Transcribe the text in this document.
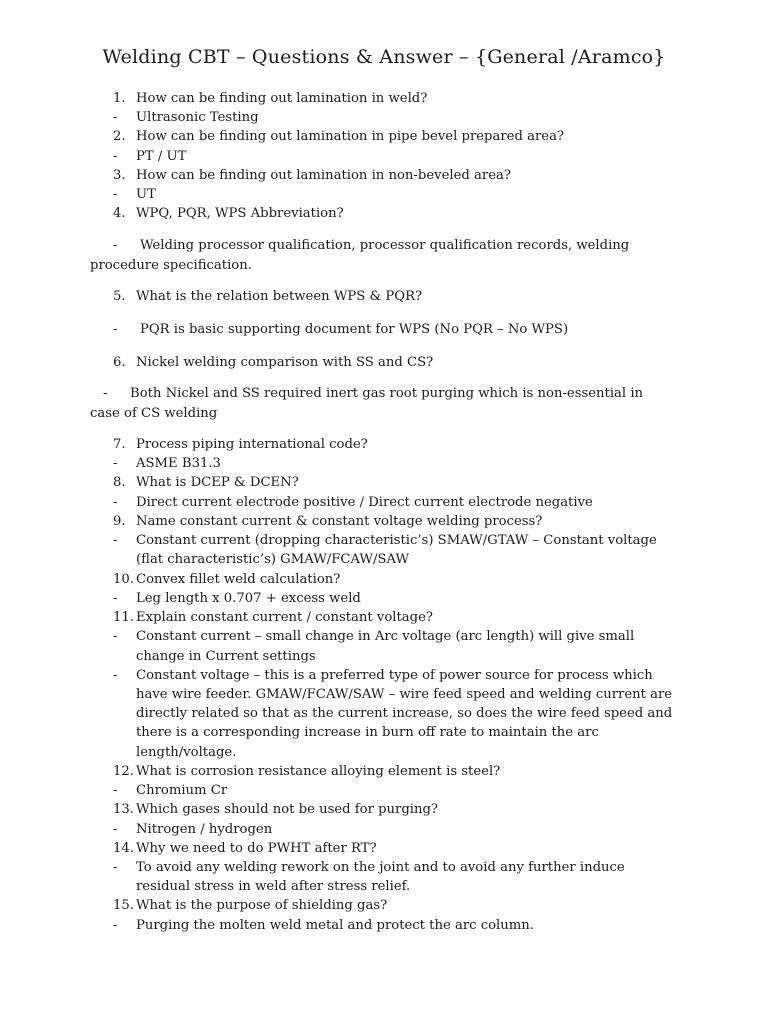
Welding CBT – Questions & Answer – {General /Aramco}
1. How can be finding out lamination in weld?
- Ultrasonic Testing
2. How can be finding out lamination in pipe bevel prepared area?
- PT / UT
3. How can be finding out lamination in non-beveled area?
- UT
4. WPQ, PQR, WPS Abbreviation?
- Welding processor qualification, processor qualification records, welding
procedure specification.
5. What is the relation between WPS & PQR?
- PQR is basic supporting document for WPS (No PQR – No WPS)
6. Nickel welding comparison with SS and CS?
- Both Nickel and SS required inert gas root purging which is non-essential in
case of CS welding
7. Process piping international code?
- ASME B31.3
8. What is DCEP & DCEN?
- Direct current electrode positive / Direct current electrode negative
9. Name constant current & constant voltage welding process?
- Constant current (dropping characteristic’s) SMAW/GTAW – Constant voltage
(flat characteristic’s) GMAW/FCAW/SAW
10. Convex fillet weld calculation?
- Leg length x 0.707 + excess weld
11. Explain constant current / constant voltage?
- Constant current – small change in Arc voltage (arc length) will give small
change in Current settings
- Constant voltage – this is a preferred type of power source for process which
have wire feeder. GMAW/FCAW/SAW – wire feed speed and welding current are
directly related so that as the current increase, so does the wire feed speed and
there is a corresponding increase in burn off rate to maintain the arc
length/voltage.
12. What is corrosion resistance alloying element is steel?
- Chromium Cr
13. Which gases should not be used for purging?
- Nitrogen / hydrogen
14. Why we need to do PWHT after RT?
- To avoid any welding rework on the joint and to avoid any further induce
residual stress in weld after stress relief.
15. What is the purpose of shielding gas?
- Purging the molten weld metal and protect the arc column.
